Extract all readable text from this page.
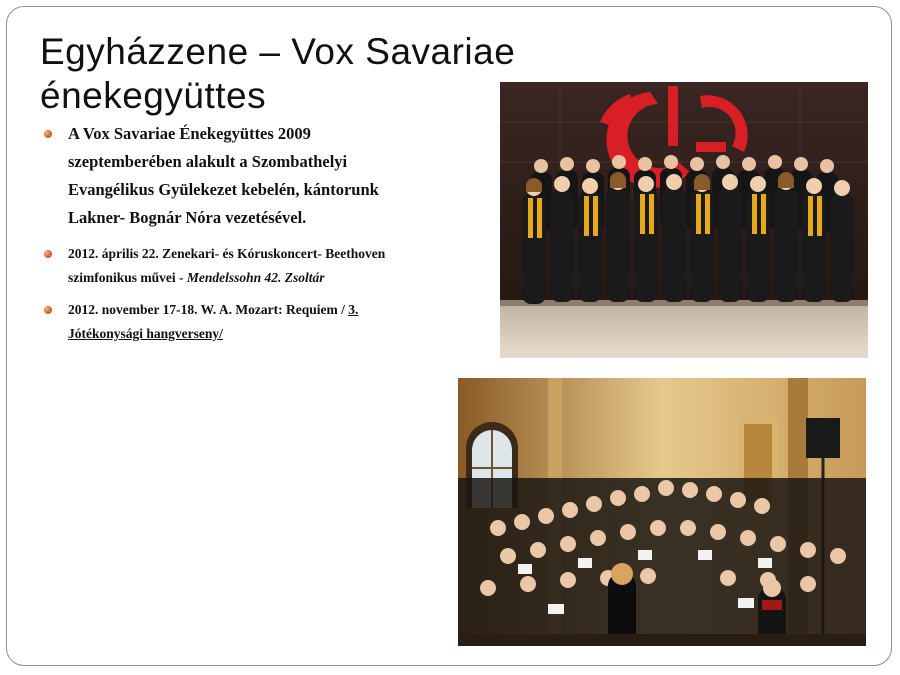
Egyházzene – Vox Savariae énekegyüttes
A Vox Savariae Énekegyüttes 2009 szeptemberében alakult a Szombathelyi Evangélikus Gyülekezet kebelén, kántorunk Lakner- Bognár Nóra vezetésével.
2012. április 22. Zenekari- és Kóruskoncert- Beethoven szimfonikus művei - Mendelssohn 42. Zsoltár
2012. november 17-18. W. A. Mozart: Requiem / 3. Jótékonysági hangverseny/
